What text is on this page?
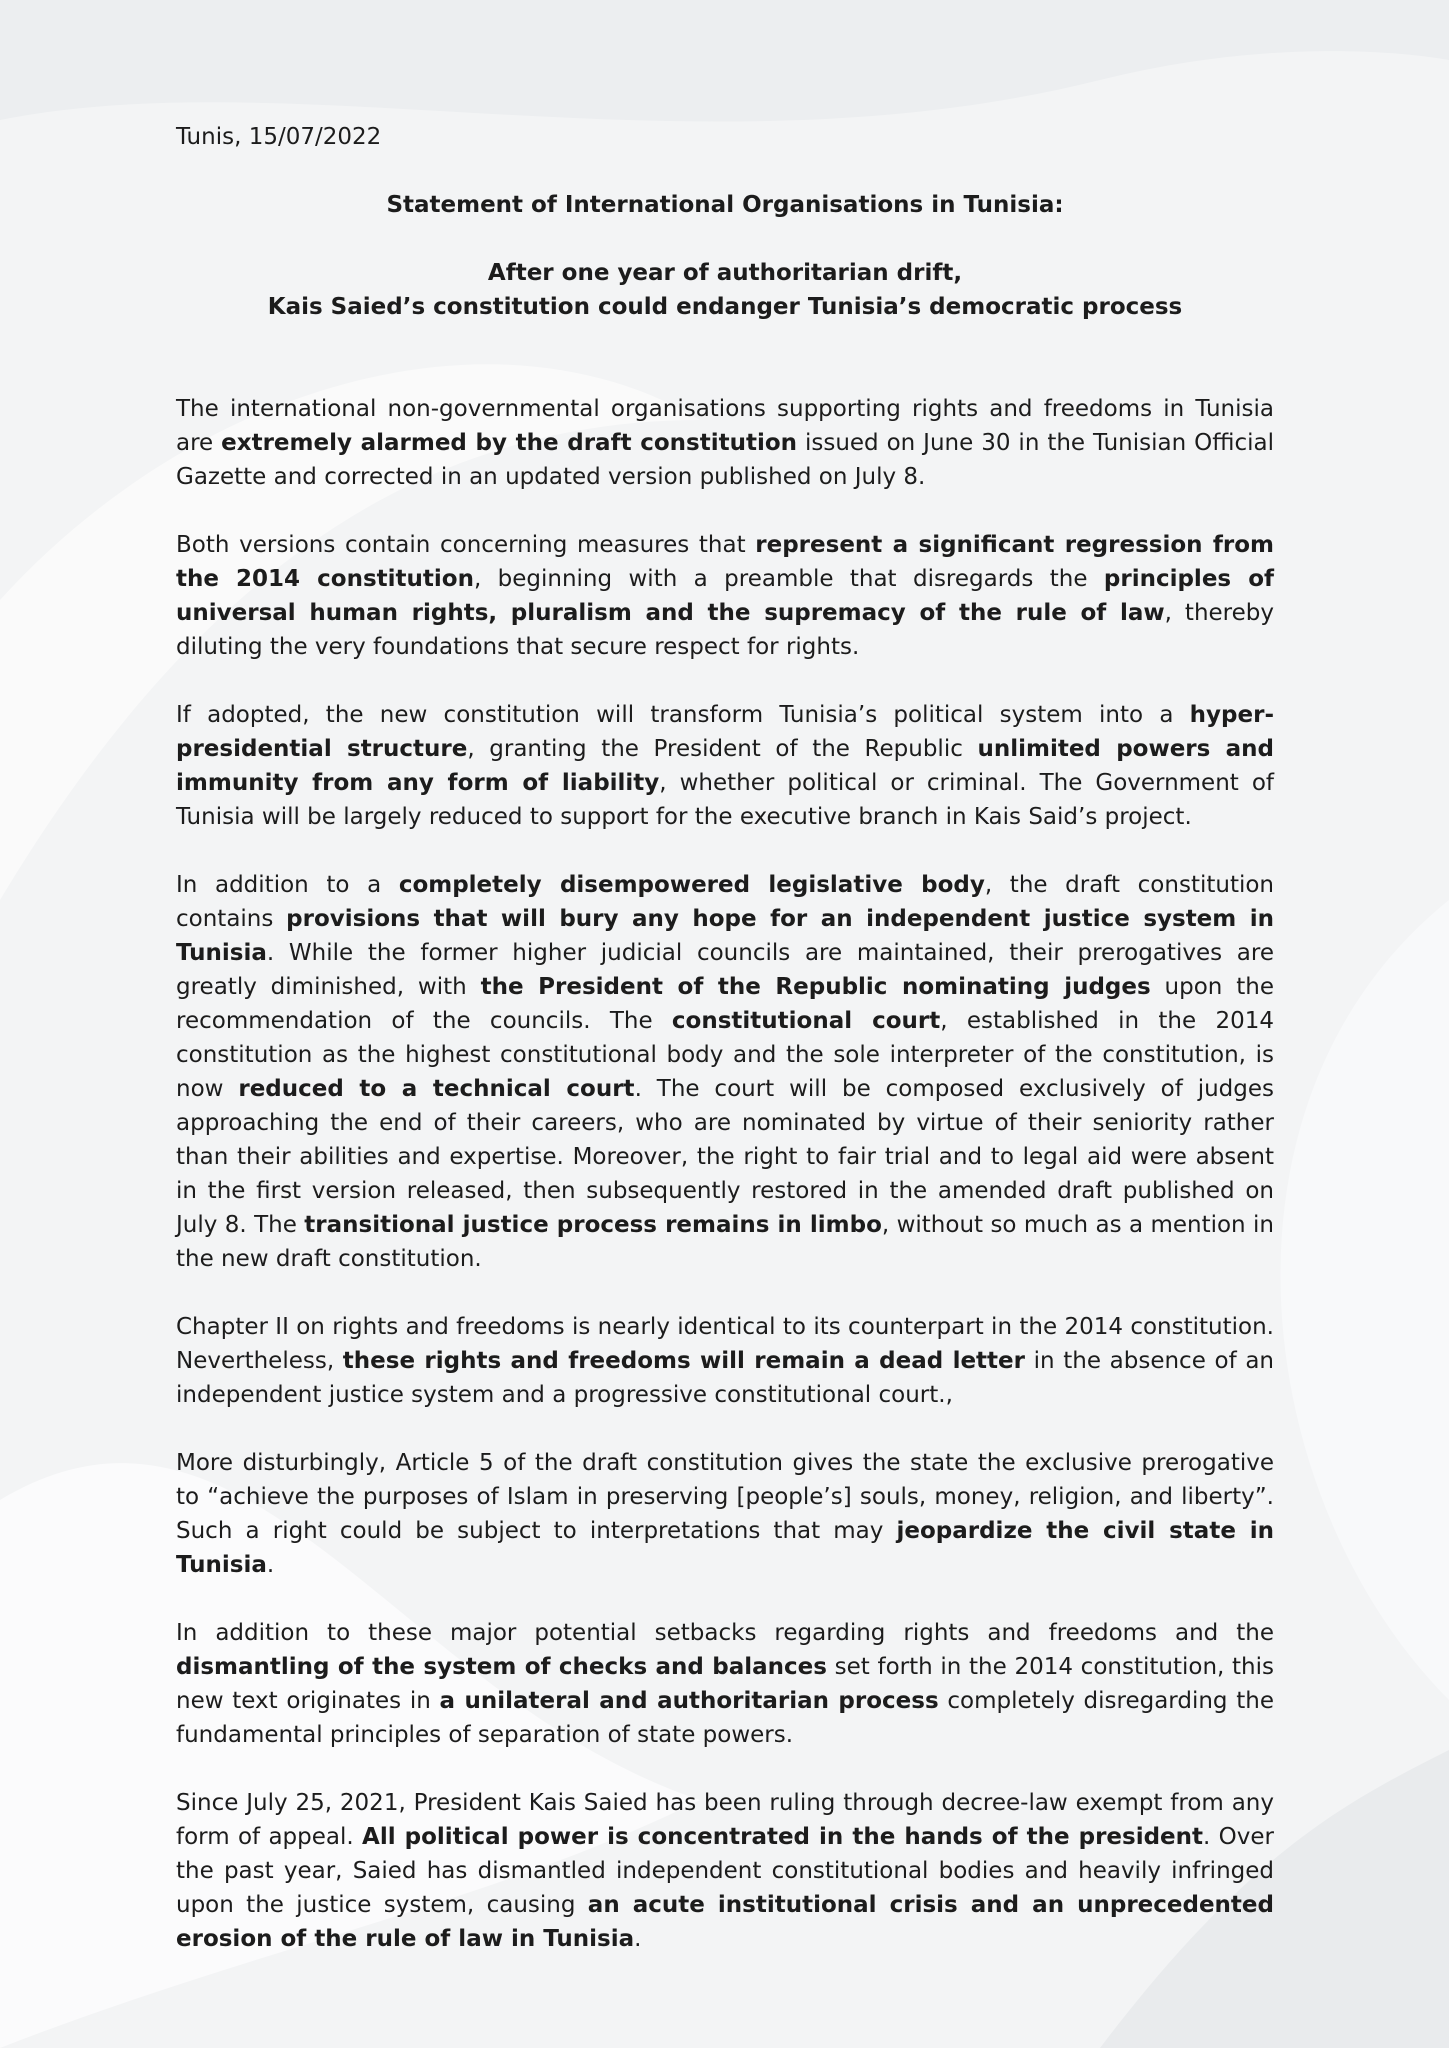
Tunis, 15/07/2022
Statement of International Organisations in Tunisia:
After one year of authoritarian drift,
Kais Saied’s constitution could endanger Tunisia’s democratic process

The international non-governmental organisations supporting rights and freedoms in Tunisia are extremely alarmed by the draft constitution issued on June 30 in the Tunisian Official Gazette and corrected in an updated version published on July 8.

Both versions contain concerning measures that represent a significant regression from the 2014 constitution, beginning with a preamble that disregards the principles of universal human rights, pluralism and the supremacy of the rule of law, thereby diluting the very foundations that secure respect for rights.

If adopted, the new constitution will transform Tunisia’s political system into a hyper-presidential structure, granting the President of the Republic unlimited powers and immunity from any form of liability, whether political or criminal. The Government of Tunisia will be largely reduced to support for the executive branch in Kais Said’s project.

In addition to a completely disempowered legislative body, the draft constitution contains provisions that will bury any hope for an independent justice system in Tunisia. While the former higher judicial councils are maintained, their prerogatives are greatly diminished, with the President of the Republic nominating judges upon the recommendation of the councils. The constitutional court, established in the 2014 constitution as the highest constitutional body and the sole interpreter of the constitution, is now reduced to a technical court. The court will be composed exclusively of judges approaching the end of their careers, who are nominated by virtue of their seniority rather than their abilities and expertise. Moreover, the right to fair trial and to legal aid were absent in the first version released, then subsequently restored in the amended draft published on July 8. The transitional justice process remains in limbo, without so much as a mention in the new draft constitution.

Chapter II on rights and freedoms is nearly identical to its counterpart in the 2014 constitution. Nevertheless, these rights and freedoms will remain a dead letter in the absence of an independent justice system and a progressive constitutional court.,

More disturbingly, Article 5 of the draft constitution gives the state the exclusive prerogative to “achieve the purposes of Islam in preserving [people’s] souls, money, religion, and liberty”. Such a right could be subject to interpretations that may jeopardize the civil state in Tunisia.

In addition to these major potential setbacks regarding rights and freedoms and the dismantling of the system of checks and balances set forth in the 2014 constitution, this new text originates in a unilateral and authoritarian process completely disregarding the fundamental principles of separation of state powers.

Since July 25, 2021, President Kais Saied has been ruling through decree-law exempt from any form of appeal. All political power is concentrated in the hands of the president. Over the past year, Saied has dismantled independent constitutional bodies and heavily infringed upon the justice system, causing an acute institutional crisis and an unprecedented erosion of the rule of law in Tunisia.
